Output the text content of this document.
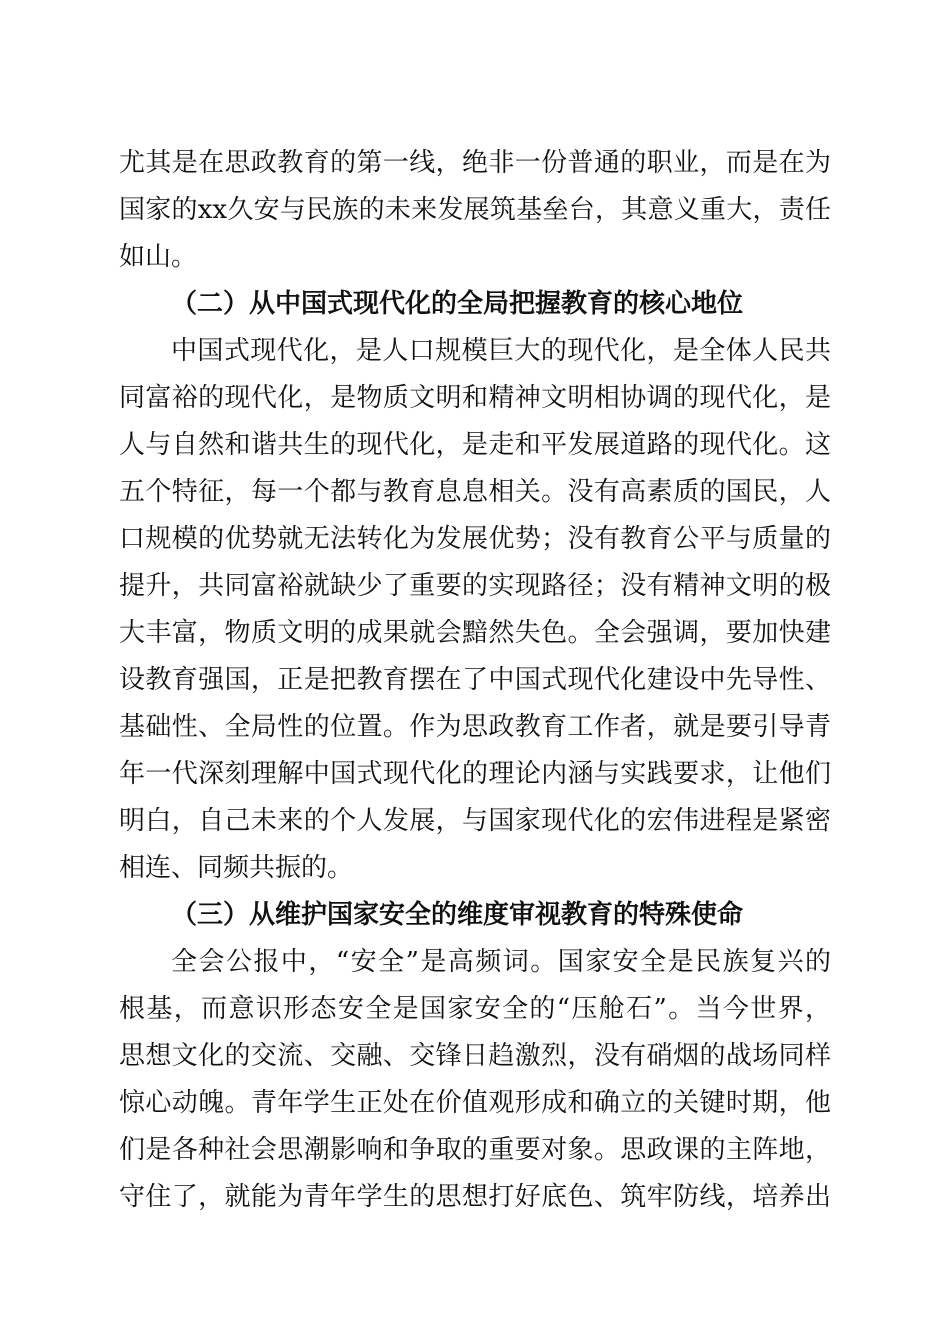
尤其是在思政教育的第一线，绝非一份普通的职业，而是在为
国家的xx久安与民族的未来发展筑基垒台，其意义重大，责任
如山。
（二）从中国式现代化的全局把握教育的核心地位
中国式现代化，是人口规模巨大的现代化，是全体人民共
同富裕的现代化，是物质文明和精神文明相协调的现代化，是
人与自然和谐共生的现代化，是走和平发展道路的现代化。这
五个特征，每一个都与教育息息相关。没有高素质的国民，人
口规模的优势就无法转化为发展优势；没有教育公平与质量的
提升，共同富裕就缺少了重要的实现路径；没有精神文明的极
大丰富，物质文明的成果就会黯然失色。全会强调，要加快建
设教育强国，正是把教育摆在了中国式现代化建设中先导性、
基础性、全局性的位置。作为思政教育工作者，就是要引导青
年一代深刻理解中国式现代化的理论内涵与实践要求，让他们
明白，自己未来的个人发展，与国家现代化的宏伟进程是紧密
相连、同频共振的。
（三）从维护国家安全的维度审视教育的特殊使命
全会公报中，“安全”是高频词。国家安全是民族复兴的
根基，而意识形态安全是国家安全的“压舱石”。当今世界，
思想文化的交流、交融、交锋日趋激烈，没有硝烟的战场同样
惊心动魄。青年学生正处在价值观形成和确立的关键时期，他
们是各种社会思潮影响和争取的重要对象。思政课的主阵地，
守住了，就能为青年学生的思想打好底色、筑牢防线，培养出
